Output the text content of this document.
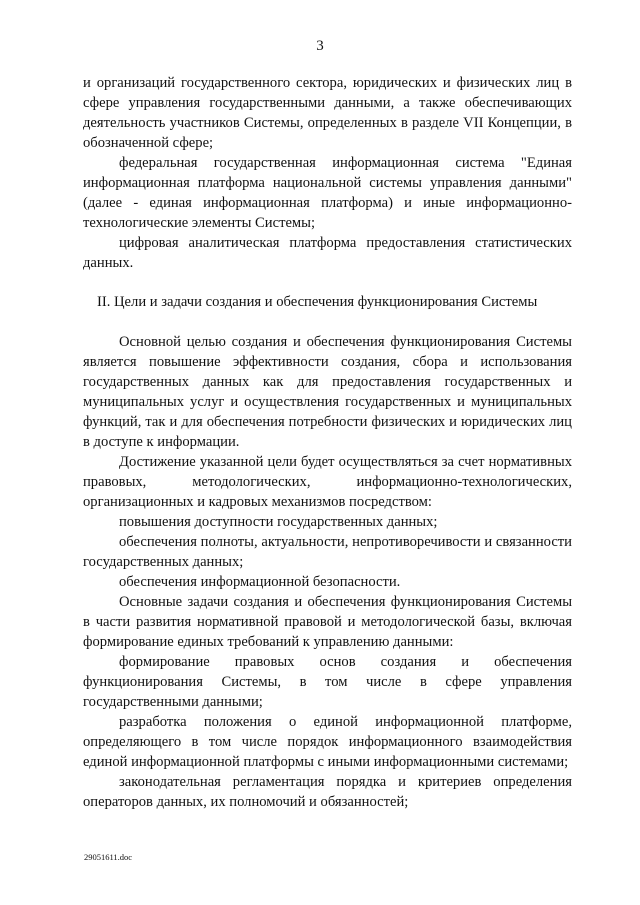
3

и организаций государственного сектора, юридических и физических лиц в сфере управления государственными данными, а также обеспечивающих деятельность участников Системы, определенных в разделе VII Концепции, в обозначенной сфере;

федеральная государственная информационная система "Единая информационная платформа национальной системы управления данными" (далее - единая информационная платформа) и иные информационно-технологические элементы Системы;

цифровая аналитическая платформа предоставления статистических данных.

II. Цели и задачи создания и обеспечения функционирования Системы

Основной целью создания и обеспечения функционирования Системы является повышение эффективности создания, сбора и использования государственных данных как для предоставления государственных и муниципальных услуг и осуществления государственных и муниципальных функций, так и для обеспечения потребности физических и юридических лиц в доступе к информации.

Достижение указанной цели будет осуществляться за счет нормативных правовых, методологических, информационно-технологических, организационных и кадровых механизмов посредством:

повышения доступности государственных данных;

обеспечения полноты, актуальности, непротиворечивости и связанности государственных данных;

обеспечения информационной безопасности.

Основные задачи создания и обеспечения функционирования Системы в части развития нормативной правовой и методологической базы, включая формирование единых требований к управлению данными:

формирование правовых основ создания и обеспечения функционирования Системы, в том числе в сфере управления государственными данными;

разработка положения о единой информационной платформе, определяющего в том числе порядок информационного взаимодействия единой информационной платформы с иными информационными системами;

законодательная регламентация порядка и критериев определения операторов данных, их полномочий и обязанностей;

29051611.doc
